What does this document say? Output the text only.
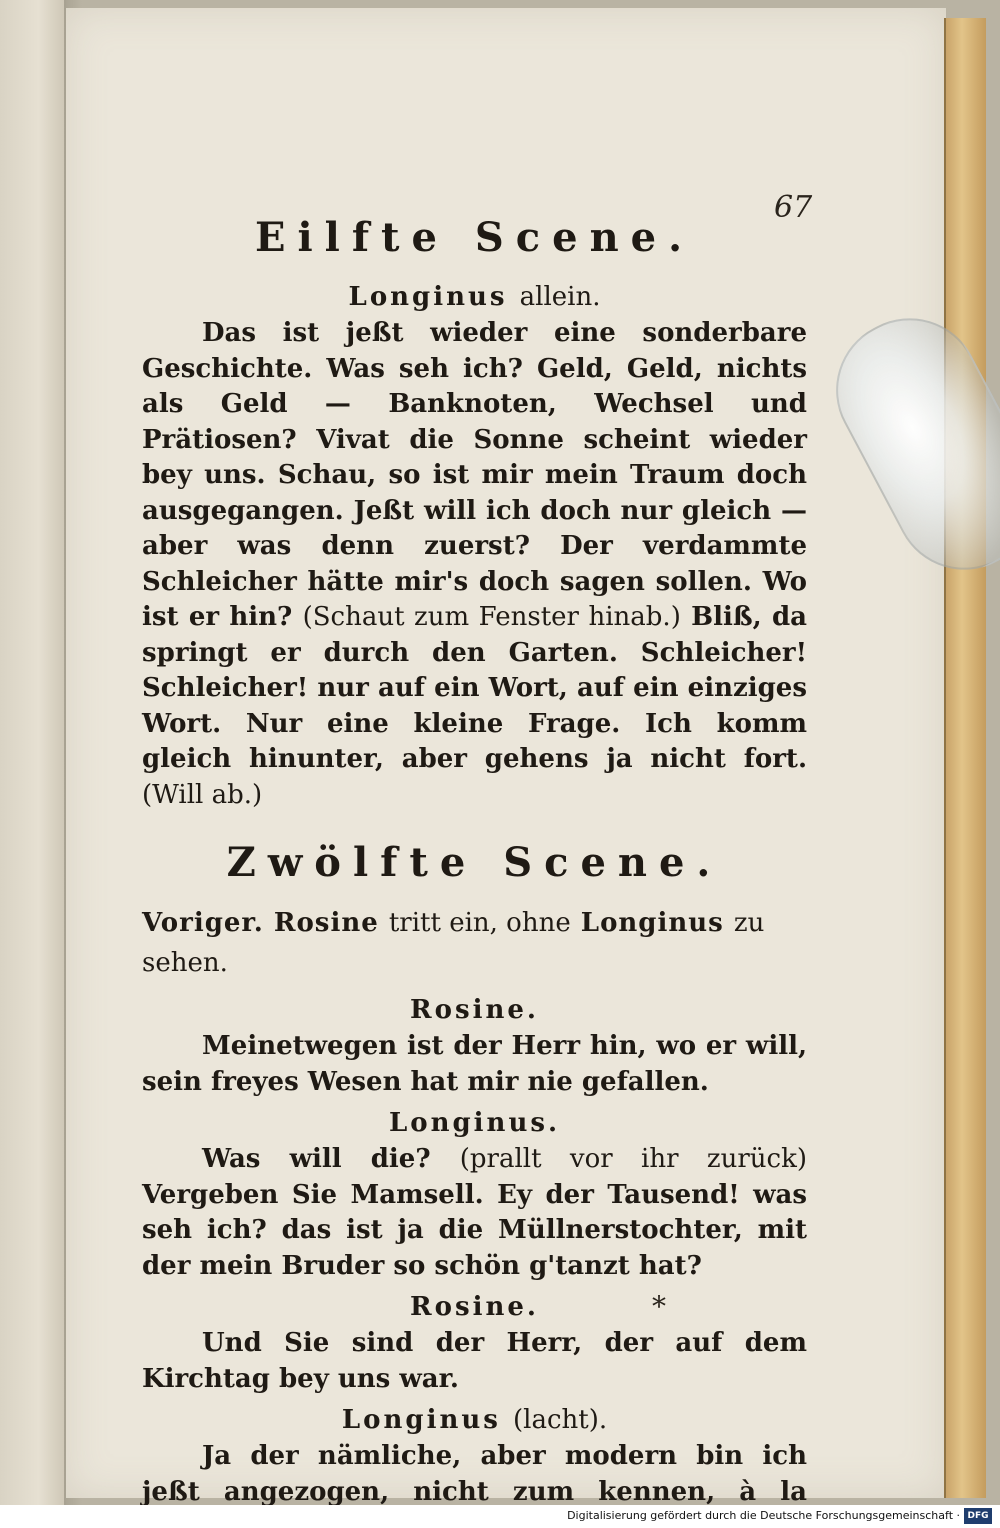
67
Eilfte Scene.
Longinus allein.

Das ist jeßt wieder eine sonderbare Geschichte. Was seh ich? Geld, Geld, nichts als Geld — Banknoten, Wechsel und Prätiosen? Vivat die Sonne scheint wieder bey uns. Schau, so ist mir mein Traum doch ausgegangen. Jeßt will ich doch nur gleich — aber was denn zuerst? Der verdammte Schleicher hätte mir's doch sagen sollen. Wo ist er hin? (Schaut zum Fenster hinab.) Bliß, da springt er durch den Garten. Schleicher! Schleicher! nur auf ein Wort, auf ein einziges Wort. Nur eine kleine Frage. Ich komm gleich hinunter, aber gehens ja nicht fort. (Will ab.)

Zwölfte Scene.
Voriger. Rosine tritt ein, ohne Longinus zu sehen.
Rosine.

Meinetwegen ist der Herr hin, wo er will, sein freyes Wesen hat mir nie gefallen.

Longinus.

Was will die? (prallt vor ihr zurück) Vergeben Sie Mamsell. Ey der Tausend! was seh ich? das ist ja die Müllnerstochter, mit der mein Bruder so schön g'tanzt hat?

Rosine.

Und Sie sind der Herr, der auf dem Kirchtag bey uns war.

Longinus (lacht).

Ja der nämliche, aber modern bin ich jeßt angezogen, nicht zum kennen, à la

*
Digitalisierung gefördert durch die Deutsche Forschungsgemeinschaft · DFG
